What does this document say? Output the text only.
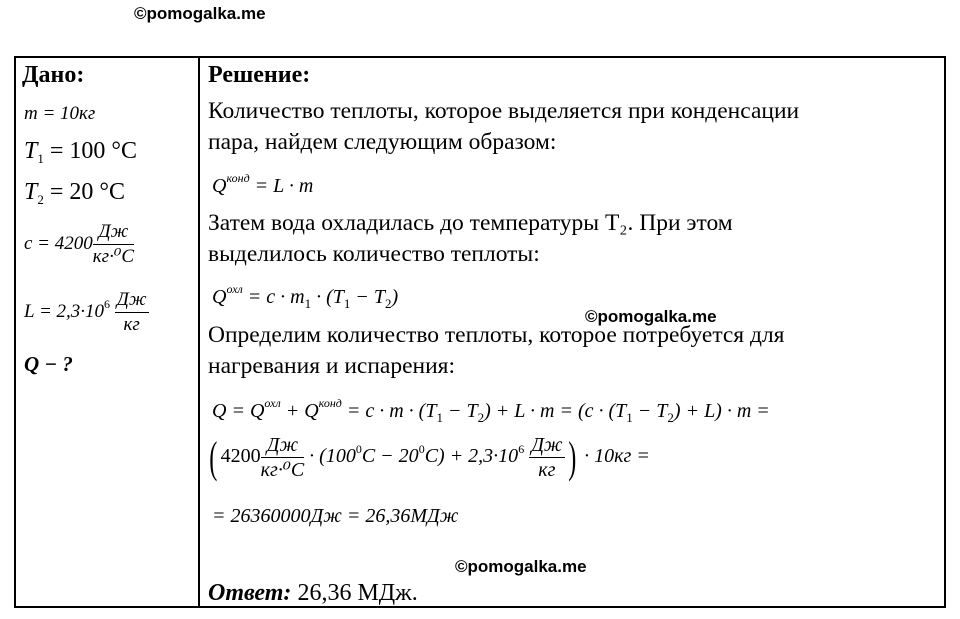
©pomogalka.me
Дано:
m = 10кг
$T_1 = 100$ °C
$T_2 = 20$ °C
c = 4200
Дж
кг·⁰C
$L = 2,3\cdot 10^6$ Дж
кг
Q − ?
Решение:
Количество теплоты, которое выделяется при конденсации
пара, найдем следующим образом:
$Q^{конд} = L \cdot m$
Затем вода охладилась до температуры T₂. При этом
выделилось количество теплоты:
$Q^{охл} = c \cdot m_1 \cdot (T_1 - T_2)$
©pomogalka.me
Определим количество теплоты, которое потребуется для
нагревания и испарения:
$Q = Q^{охл} + Q^{конд} = c \cdot m \cdot (T_1 - T_2) + L \cdot m = (c \cdot (T_1 - T_2) + L) \cdot m$ =
( 4200
Дж
кг·⁰C
· $(100^0C - 20^0C) + 2,3\cdot 10^6$ Дж
кг ) · 10кг =
= 26360000Дж = 26,36МДж
©pomogalka.me
Ответ: 26,36 МДж.
